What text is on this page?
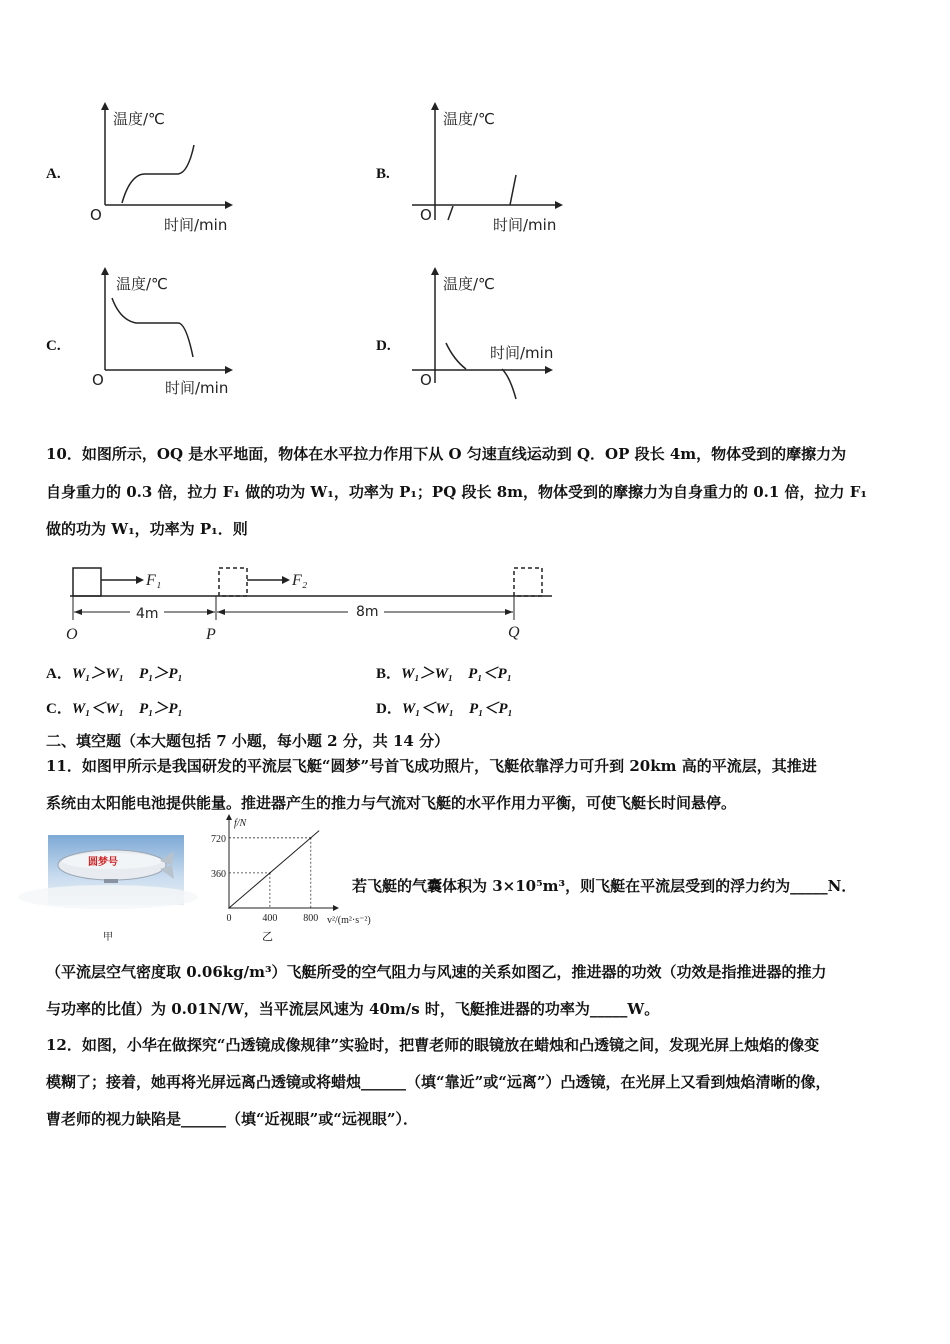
A.
温度/℃
时间/min
O
B.
温度/℃
时间/min
O
C.
温度/℃
时间/min
O
D.
温度/℃
时间/min
O
10．如图所示，OQ 是水平地面，物体在水平拉力作用下从 O 匀速直线运动到 Q．OP 段长 4m，物体受到的摩擦力为
自身重力的 0.3 倍，拉力 F₁ 做的功为 W₁，功率为 P₁；PQ 段长 8m，物体受到的摩擦力为自身重力的 0.1 倍，拉力 F₁
做的功为 W₁，功率为 P₁．则
F₁	F₂
4m	8m
O	P	Q
A．W₁＞W₁　P₁＞P₁	B．W₁＞W₁　P₁＜P₁
C．W₁＜W₁　P₁＞P₁	D．W₁＜W₁　P₁＜P₁
二、填空题（本大题包括 7 小题，每小题 2 分，共 14 分）
11．如图甲所示是我国研发的平流层飞艇“圆梦”号首飞成功照片，飞艇依靠浮力可升到 20km 高的平流层，其推进
系统由太阳能电池提供能量。推进器产生的推力与气流对飞艇的水平作用力平衡，可使飞艇长时间悬停。
圆梦号
甲
f/N
v²/(m²·s⁻²)
360
720
0	400	800
乙
若飞艇的气囊体积为 3×10⁵m³，则飞艇在平流层受到的浮力约为_____N．
（平流层空气密度取 0.06kg/m³）飞艇所受的空气阻力与风速的关系如图乙，推进器的功效（功效是指推进器的推力
与功率的比值）为 0.01N/W，当平流层风速为 40m/s 时，飞艇推进器的功率为_____W。
12．如图，小华在做探究“凸透镜成像规律”实验时，把曹老师的眼镜放在蜡烛和凸透镜之间，发现光屏上烛焰的像变
模糊了；接着，她再将光屏远离凸透镜或将蜡烛______（填“靠近”或“远离”）凸透镜，在光屏上又看到烛焰清晰的像，
曹老师的视力缺陷是______（填“近视眼”或“远视眼”）．
